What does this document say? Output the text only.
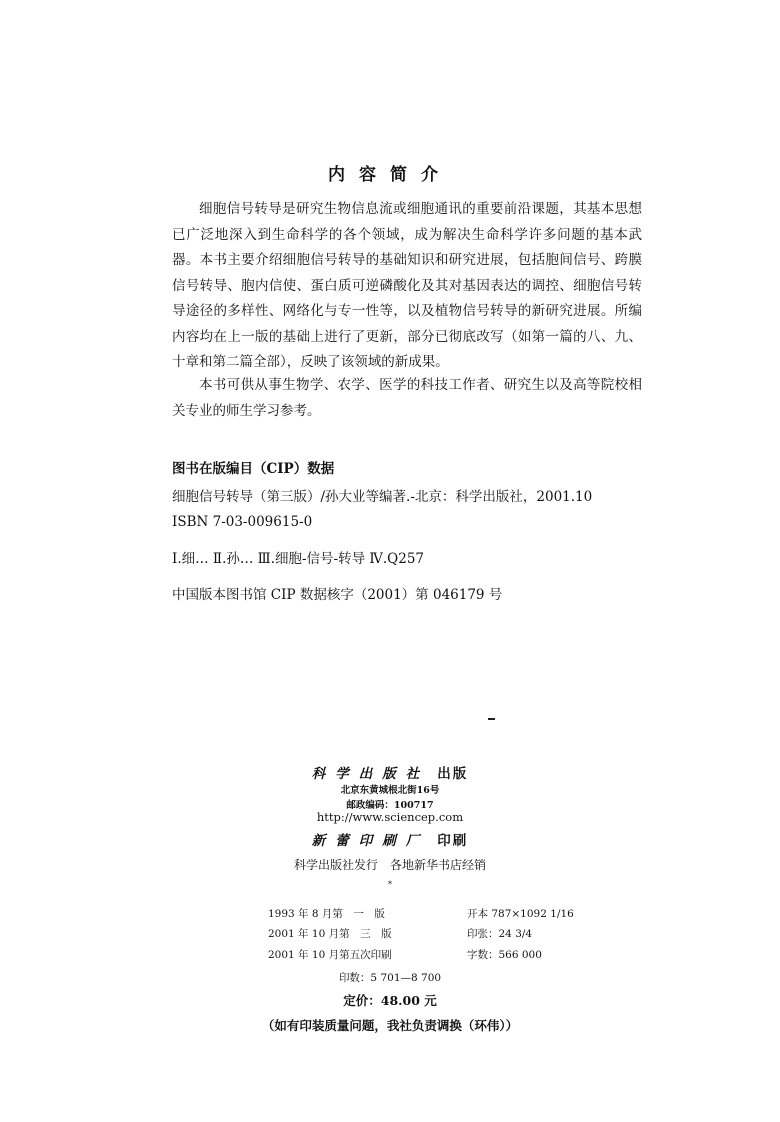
内容简介
细胞信号转导是研究生物信息流或细胞通讯的重要前沿课题，其基本思想已广泛地深入到生命科学的各个领域，成为解决生命科学许多问题的基本武器。本书主要介绍细胞信号转导的基础知识和研究进展，包括胞间信号、跨膜信号转导、胞内信使、蛋白质可逆磷酸化及其对基因表达的调控、细胞信号转导途径的多样性、网络化与专一性等，以及植物信号转导的新研究进展。所编内容均在上一版的基础上进行了更新，部分已彻底改写（如第一篇的八、九、十章和第二篇全部），反映了该领域的新成果。
本书可供从事生物学、农学、医学的科技工作者、研究生以及高等院校相关专业的师生学习参考。
图书在版编目（CIP）数据
细胞信号转导（第三版）/孙大业等编著.-北京：科学出版社，2001.10
ISBN 7-03-009615-0
Ⅰ.细… Ⅱ.孙… Ⅲ.细胞-信号-转导 Ⅳ.Q257
中国版本图书馆 CIP 数据核字（2001）第 046179 号
科学出版社 出版
北京东黄城根北街16号
邮政编码：100717
http://www.sciencep.com
新蕾印刷厂 印刷
科学出版社发行　各地新华书店经销
*
1993 年 8 月第　一　版
2001 年 10 月第　三　版
2001 年 10 月第五次印刷
开本 787×1092 1/16
印张：24 3/4
字数：566 000
印数：5 701—8 700
定价：48.00 元
（如有印装质量问题，我社负责调换（环伟））
